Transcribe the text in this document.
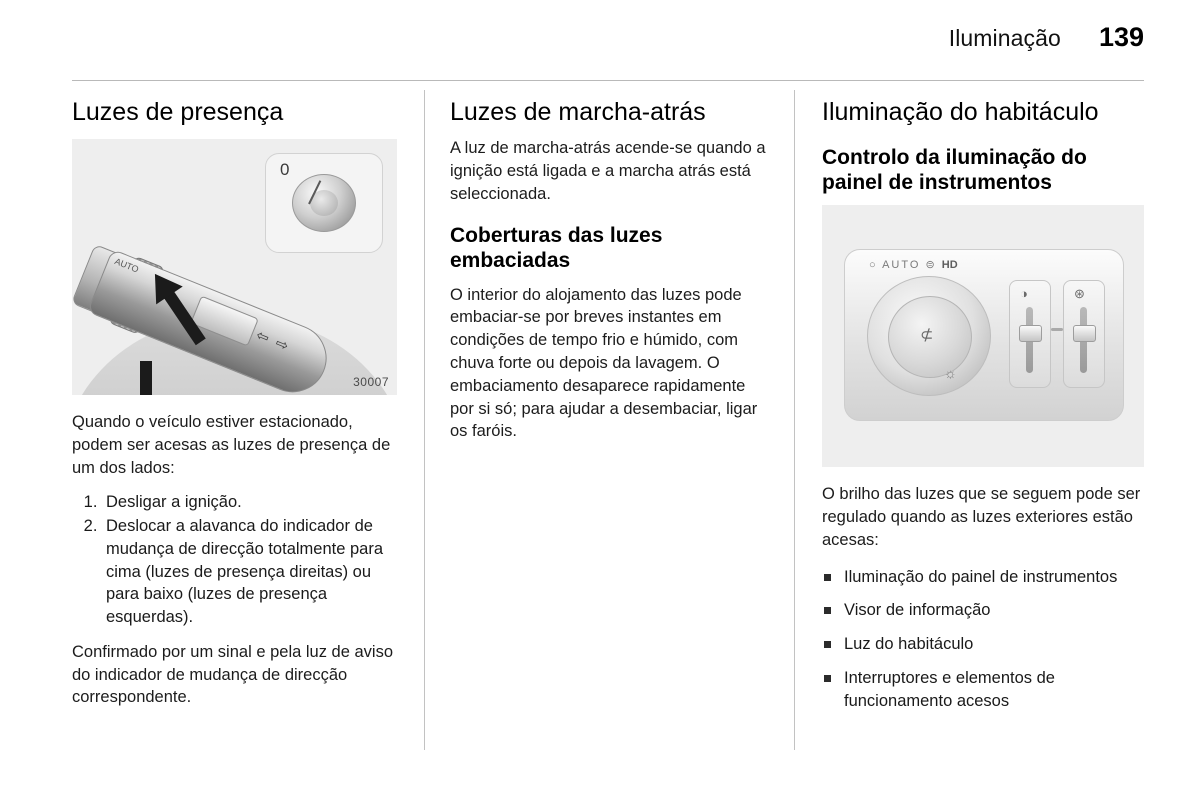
Iluminação 139
Luzes de presença
AUTO
⇦ ⇨
0
30007

Quando o veículo estiver estacionado, podem ser acesas as luzes de presença de um dos lados:

1. Desligar a ignição.
2. Deslocar a alavanca do indicador de mudança de direcção totalmente para cima (luzes de presença direitas) ou para baixo (luzes de presença esquerdas).

Confirmado por um sinal e pela luz de aviso do indicador de mudança de direcção correspondente.

Luzes de marcha-atrás

A luz de marcha-atrás acende-se quando a ignição está ligada e a marcha atrás está seleccionada.

Coberturas das luzes embaciadas

O interior do alojamento das luzes pode embaciar-se por breves instantes em condições de tempo frio e húmido, com chuva forte ou depois da lavagem. O embaciamento desaparece rapidamente por si só; para ajudar a desembaciar, ligar os faróis.

Iluminação do habitáculo
Controlo da iluminação do painel de instrumentos
○ AUTO ⊜ HD
⊄
☼
◑	⊛

O brilho das luzes que se seguem pode ser regulado quando as luzes exteriores estão acesas:

Iluminação do painel de instrumentos
Visor de informação
Luz do habitáculo
Interruptores e elementos de funcionamento acesos
